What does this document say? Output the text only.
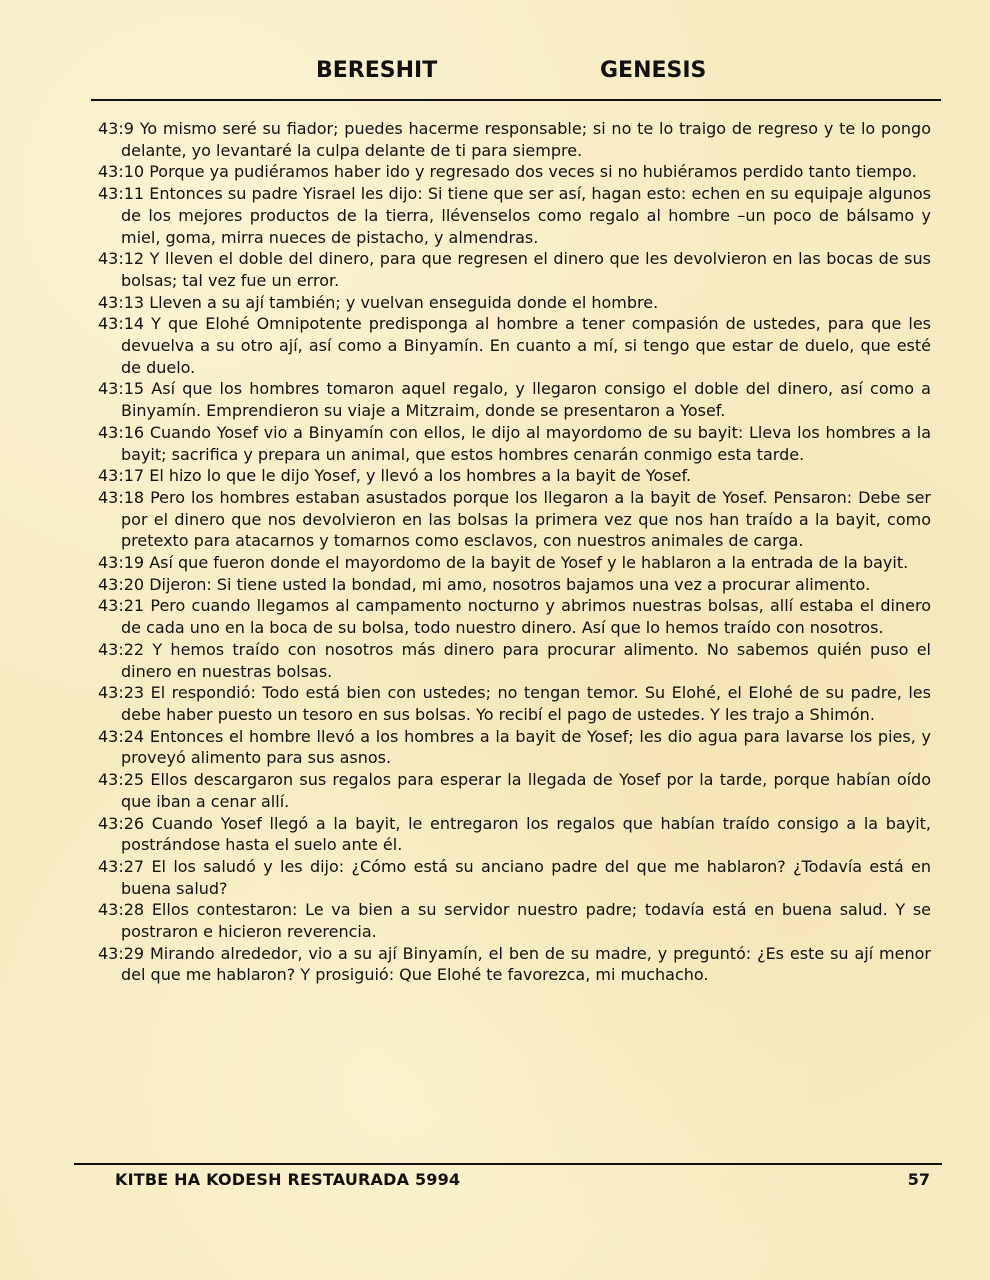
BERESHIT	GENESIS

43:9 Yo mismo seré su fiador; puedes hacerme responsable; si no te lo traigo de regreso y te lo pongo delante, yo levantaré la culpa delante de ti para siempre.

43:10 Porque ya pudiéramos haber ido y regresado dos veces si no hubiéramos perdido tanto tiempo.

43:11 Entonces su padre Yisrael les dijo: Si tiene que ser así, hagan esto: echen en su equipaje algunos de los mejores productos de la tierra, llévenselos como regalo al hombre –un poco de bálsamo y miel, goma, mirra nueces de pistacho, y almendras.

43:12 Y lleven el doble del dinero, para que regresen el dinero que les devolvieron en las bocas de sus bolsas; tal vez fue un error.

43:13 Lleven a su ají también; y vuelvan enseguida donde el hombre.

43:14 Y que Elohé Omnipotente predisponga al hombre a tener compasión de ustedes, para que les devuelva a su otro ají, así como a Binyamín. En cuanto a mí, si tengo que estar de duelo, que esté de duelo.

43:15 Así que los hombres tomaron aquel regalo, y llegaron consigo el doble del dinero, así como a Binyamín. Emprendieron su viaje a Mitzraim, donde se presentaron a Yosef.

43:16 Cuando Yosef vio a Binyamín con ellos, le dijo al mayordomo de su bayit: Lleva los hombres a la bayit; sacrifica y prepara un animal, que estos hombres cenarán conmigo esta tarde.

43:17 El hizo lo que le dijo Yosef, y llevó a los hombres a la bayit de Yosef.

43:18 Pero los hombres estaban asustados porque los llegaron a la bayit de Yosef. Pensaron: Debe ser por el dinero que nos devolvieron en las bolsas la primera vez que nos han traído a la bayit, como pretexto para atacarnos y tomarnos como esclavos, con nuestros animales de carga.

43:19 Así que fueron donde el mayordomo de la bayit de Yosef y le hablaron a la entrada de la bayit.

43:20 Dijeron: Si tiene usted la bondad, mi amo, nosotros bajamos una vez a procurar alimento.

43:21 Pero cuando llegamos al campamento nocturno y abrimos nuestras bolsas, allí estaba el dinero de cada uno en la boca de su bolsa, todo nuestro dinero. Así que lo hemos traído con nosotros.

43:22 Y hemos traído con nosotros más dinero para procurar alimento. No sabemos quién puso el dinero en nuestras bolsas.

43:23 El respondió: Todo está bien con ustedes; no tengan temor. Su Elohé, el Elohé de su padre, les debe haber puesto un tesoro en sus bolsas. Yo recibí el pago de ustedes. Y les trajo a Shimón.

43:24 Entonces el hombre llevó a los hombres a la bayit de Yosef; les dio agua para lavarse los pies, y proveyó alimento para sus asnos.

43:25 Ellos descargaron sus regalos para esperar la llegada de Yosef por la tarde, porque habían oído que iban a cenar allí.

43:26 Cuando Yosef llegó a la bayit, le entregaron los regalos que habían traído consigo a la bayit, postrándose hasta el suelo ante él.

43:27 El los saludó y les dijo: ¿Cómo está su anciano padre del que me hablaron? ¿Todavía está en buena salud?

43:28 Ellos contestaron: Le va bien a su servidor nuestro padre; todavía está en buena salud. Y se postraron e hicieron reverencia.

43:29 Mirando alrededor, vio a su ají Binyamín, el ben de su madre, y preguntó: ¿Es este su ají menor del que me hablaron? Y prosiguió: Que Elohé te favorezca, mi muchacho.

KITBE HA KODESH RESTAURADA 5994	57
